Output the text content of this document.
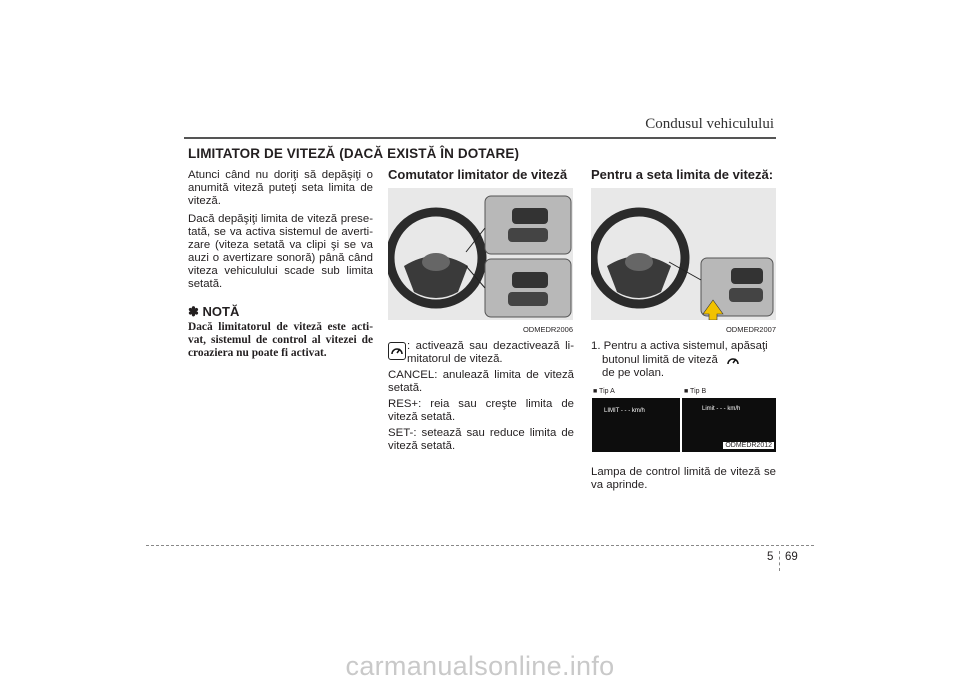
Condusul vehiculului
LIMITATOR DE VITEZĂ (DACĂ EXISTĂ ÎN DOTARE)

Atunci când nu doriţi să depăşiţi o anumită viteză puteţi seta limita de viteză.

Dacă depăşiţi limita de viteză prese-tată, se va activa sistemul de averti-zare (viteza setată va clipi şi se va auzi o avertizare sonoră) până când viteza vehiculului scade sub limita setată.

✽ NOTĂ
Dacă limitatorul de viteză este acti-vat, sistemul de control al vitezei de croaziera nu poate fi activat.
Comutator limitator de viteză
ODMEDR2006
: activează sau dezactivează li-mitatorul de viteză.
CANCEL: anulează limita de viteză setată.
RES+: reia sau creşte limita de viteză setată.
SET-: setează sau reduce limita de viteză setată.
Pentru a seta limita de viteză:
ODMEDR2007
1. Pentru a activa sistemul, apăsaţi
butonul limită de viteză
de pe volan.
■ Tip A	■ Tip B
LIMIT - - - km/h	Limit - - - km/h
ODMEDR2012
Lampa de control limită de viteză se va aprinde.
5 69
carmanualsonline.info
